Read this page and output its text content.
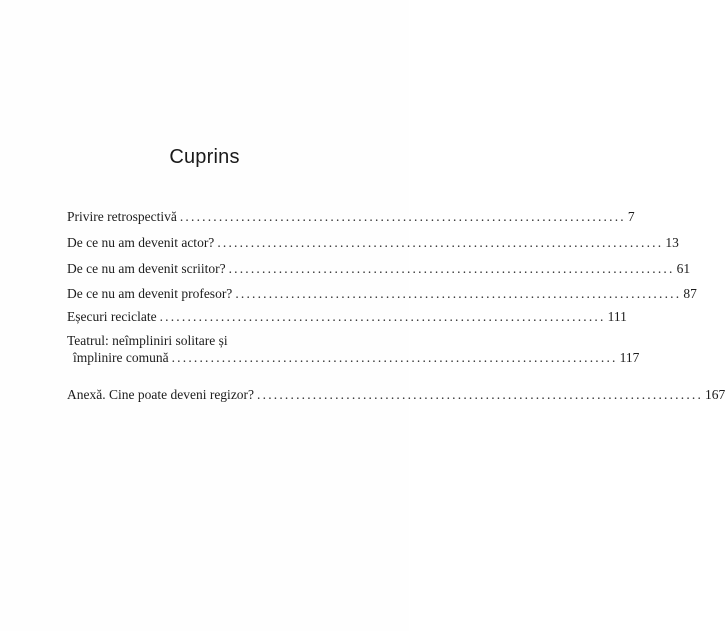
Cuprins
Privire retrospectivă ................................................................................ 7
De ce nu am devenit actor? ................................................................................ 13
De ce nu am devenit scriitor? ................................................................................ 61
De ce nu am devenit profesor? ................................................................................ 87
Eșecuri reciclate ................................................................................ 111
Teatrul: neîmpliniri solitare și
împlinire comună ................................................................................ 117
Anexă. Cine poate deveni regizor? ................................................................................ 167
